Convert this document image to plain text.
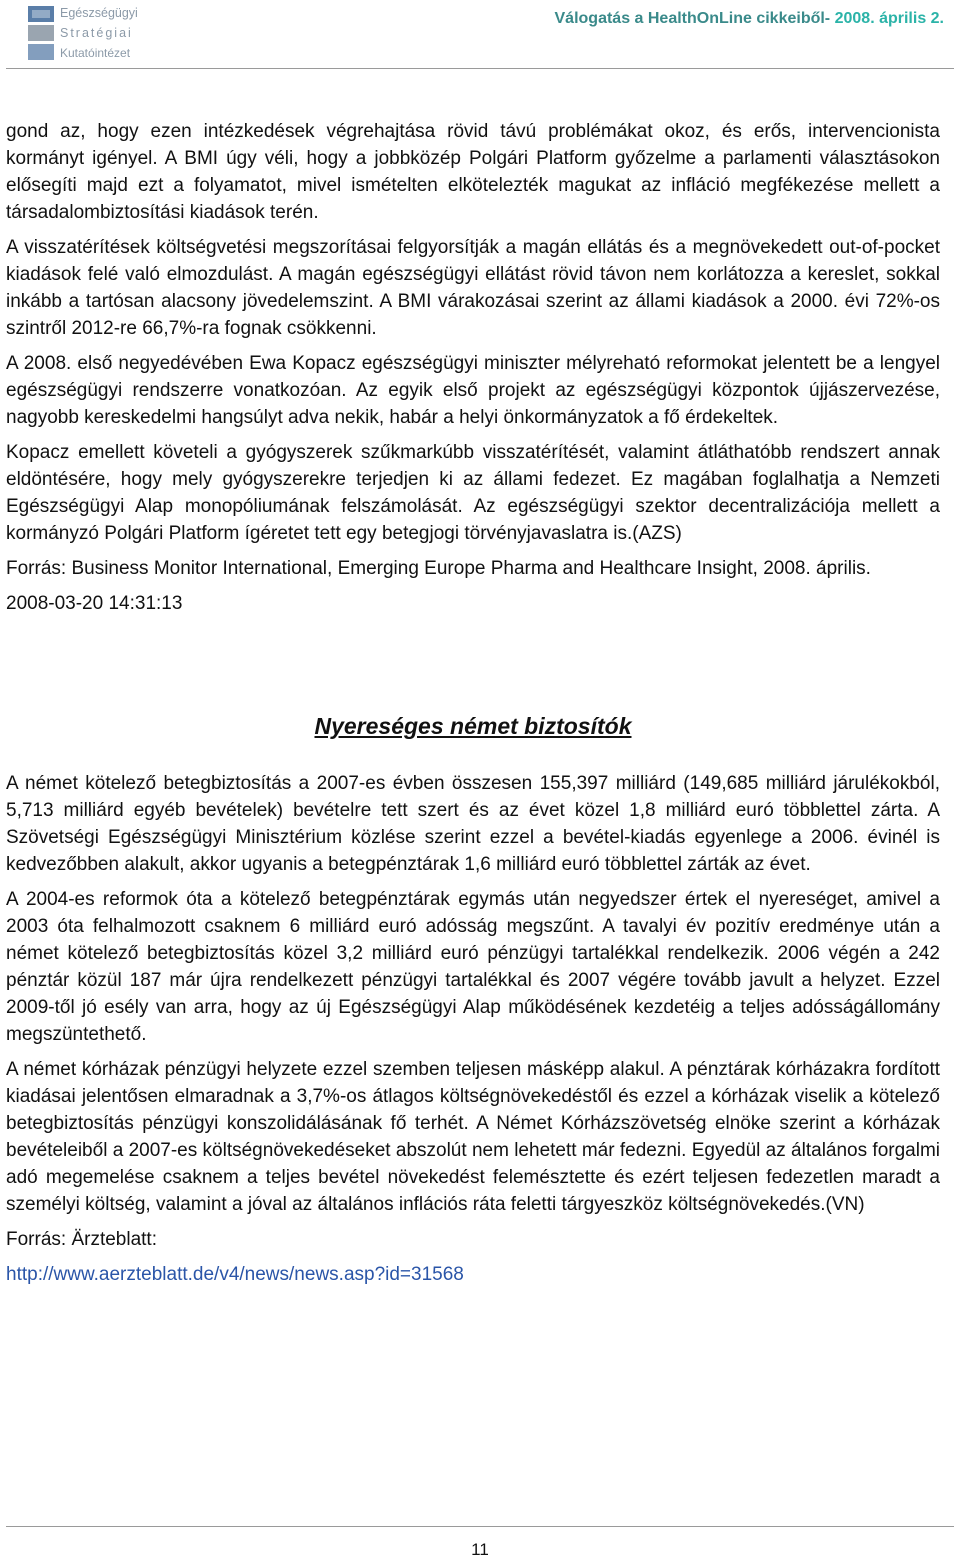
Egészségügyi
Stratégiai
Kutatóintézet
Válogatás a HealthOnLine cikkeiből- 2008. április 2.

gond az, hogy ezen intézkedések végrehajtása rövid távú problémákat okoz, és erős, intervencionista kormányt igényel. A BMI úgy véli, hogy a jobbközép Polgári Platform győzelme a parlamenti választásokon elősegíti majd ezt a folyamatot, mivel ismételten elkötelezték magukat az infláció megfékezése mellett a társadalombiztosítási kiadások terén.

A visszatérítések költségvetési megszorításai felgyorsítják a magán ellátás és a megnövekedett out-of-pocket kiadások felé való elmozdulást. A magán egészségügyi ellátást rövid távon nem korlátozza a kereslet, sokkal inkább a tartósan alacsony jövedelemszint. A BMI várakozásai szerint az állami kiadások a 2000. évi 72%-os szintről 2012-re 66,7%-ra fognak csökkenni.

A 2008. első negyedévében Ewa Kopacz egészségügyi miniszter mélyreható reformokat jelentett be a lengyel egészségügyi rendszerre vonatkozóan. Az egyik első projekt az egészségügyi központok újjászervezése, nagyobb kereskedelmi hangsúlyt adva nekik, habár a helyi önkormányzatok a fő érdekeltek.

Kopacz emellett követeli a gyógyszerek szűkmarkúbb visszatérítését, valamint átláthatóbb rendszert annak eldöntésére, hogy mely gyógyszerekre terjedjen ki az állami fedezet. Ez magában foglalhatja a Nemzeti Egészségügyi Alap monopóliumának felszámolását. Az egészségügyi szektor decentralizációja mellett a kormányzó Polgári Platform ígéretet tett egy betegjogi törvényjavaslatra is.(AZS)

Forrás: Business Monitor International, Emerging Europe Pharma and Healthcare Insight, 2008. április.

2008-03-20 14:31:13

Nyereséges német biztosítók

A német kötelező betegbiztosítás a 2007-es évben összesen 155,397 milliárd (149,685 milliárd járulékokból, 5,713 milliárd egyéb bevételek) bevételre tett szert és az évet közel 1,8 milliárd euró többlettel zárta. A Szövetségi Egészségügyi Minisztérium közlése szerint ezzel a bevétel-kiadás egyenlege a 2006. évinél is kedvezőbben alakult, akkor ugyanis a betegpénztárak 1,6 milliárd euró többlettel zárták az évet.

A 2004-es reformok óta a kötelező betegpénztárak egymás után negyedszer értek el nyereséget, amivel a 2003 óta felhalmozott csaknem 6 milliárd euró adósság megszűnt. A tavalyi év pozitív eredménye után a német kötelező betegbiztosítás közel 3,2 milliárd euró pénzügyi tartalékkal rendelkezik. 2006 végén a 242 pénztár közül 187 már újra rendelkezett pénzügyi tartalékkal és 2007 végére tovább javult a helyzet. Ezzel 2009-től jó esély van arra, hogy az új Egészségügyi Alap működésének kezdetéig a teljes adósságállomány megszüntethető.

A német kórházak pénzügyi helyzete ezzel szemben teljesen másképp alakul. A pénztárak kórházakra fordított kiadásai jelentősen elmaradnak a 3,7%-os átlagos költségnövekedéstől és ezzel a kórházak viselik a kötelező betegbiztosítás pénzügyi konszolidálásának fő terhét. A Német Kórházszövetség elnöke szerint a kórházak bevételeiből a 2007-es költségnövekedéseket abszolút nem lehetett már fedezni. Egyedül az általános forgalmi adó megemelése csaknem a teljes bevétel növekedést felemésztette és ezért teljesen fedezetlen maradt a személyi költség, valamint a jóval az általános inflációs ráta feletti tárgyeszköz költségnövekedés.(VN)

Forrás: Ärzteblatt:

http://www.aerzteblatt.de/v4/news/news.asp?id=31568

11
